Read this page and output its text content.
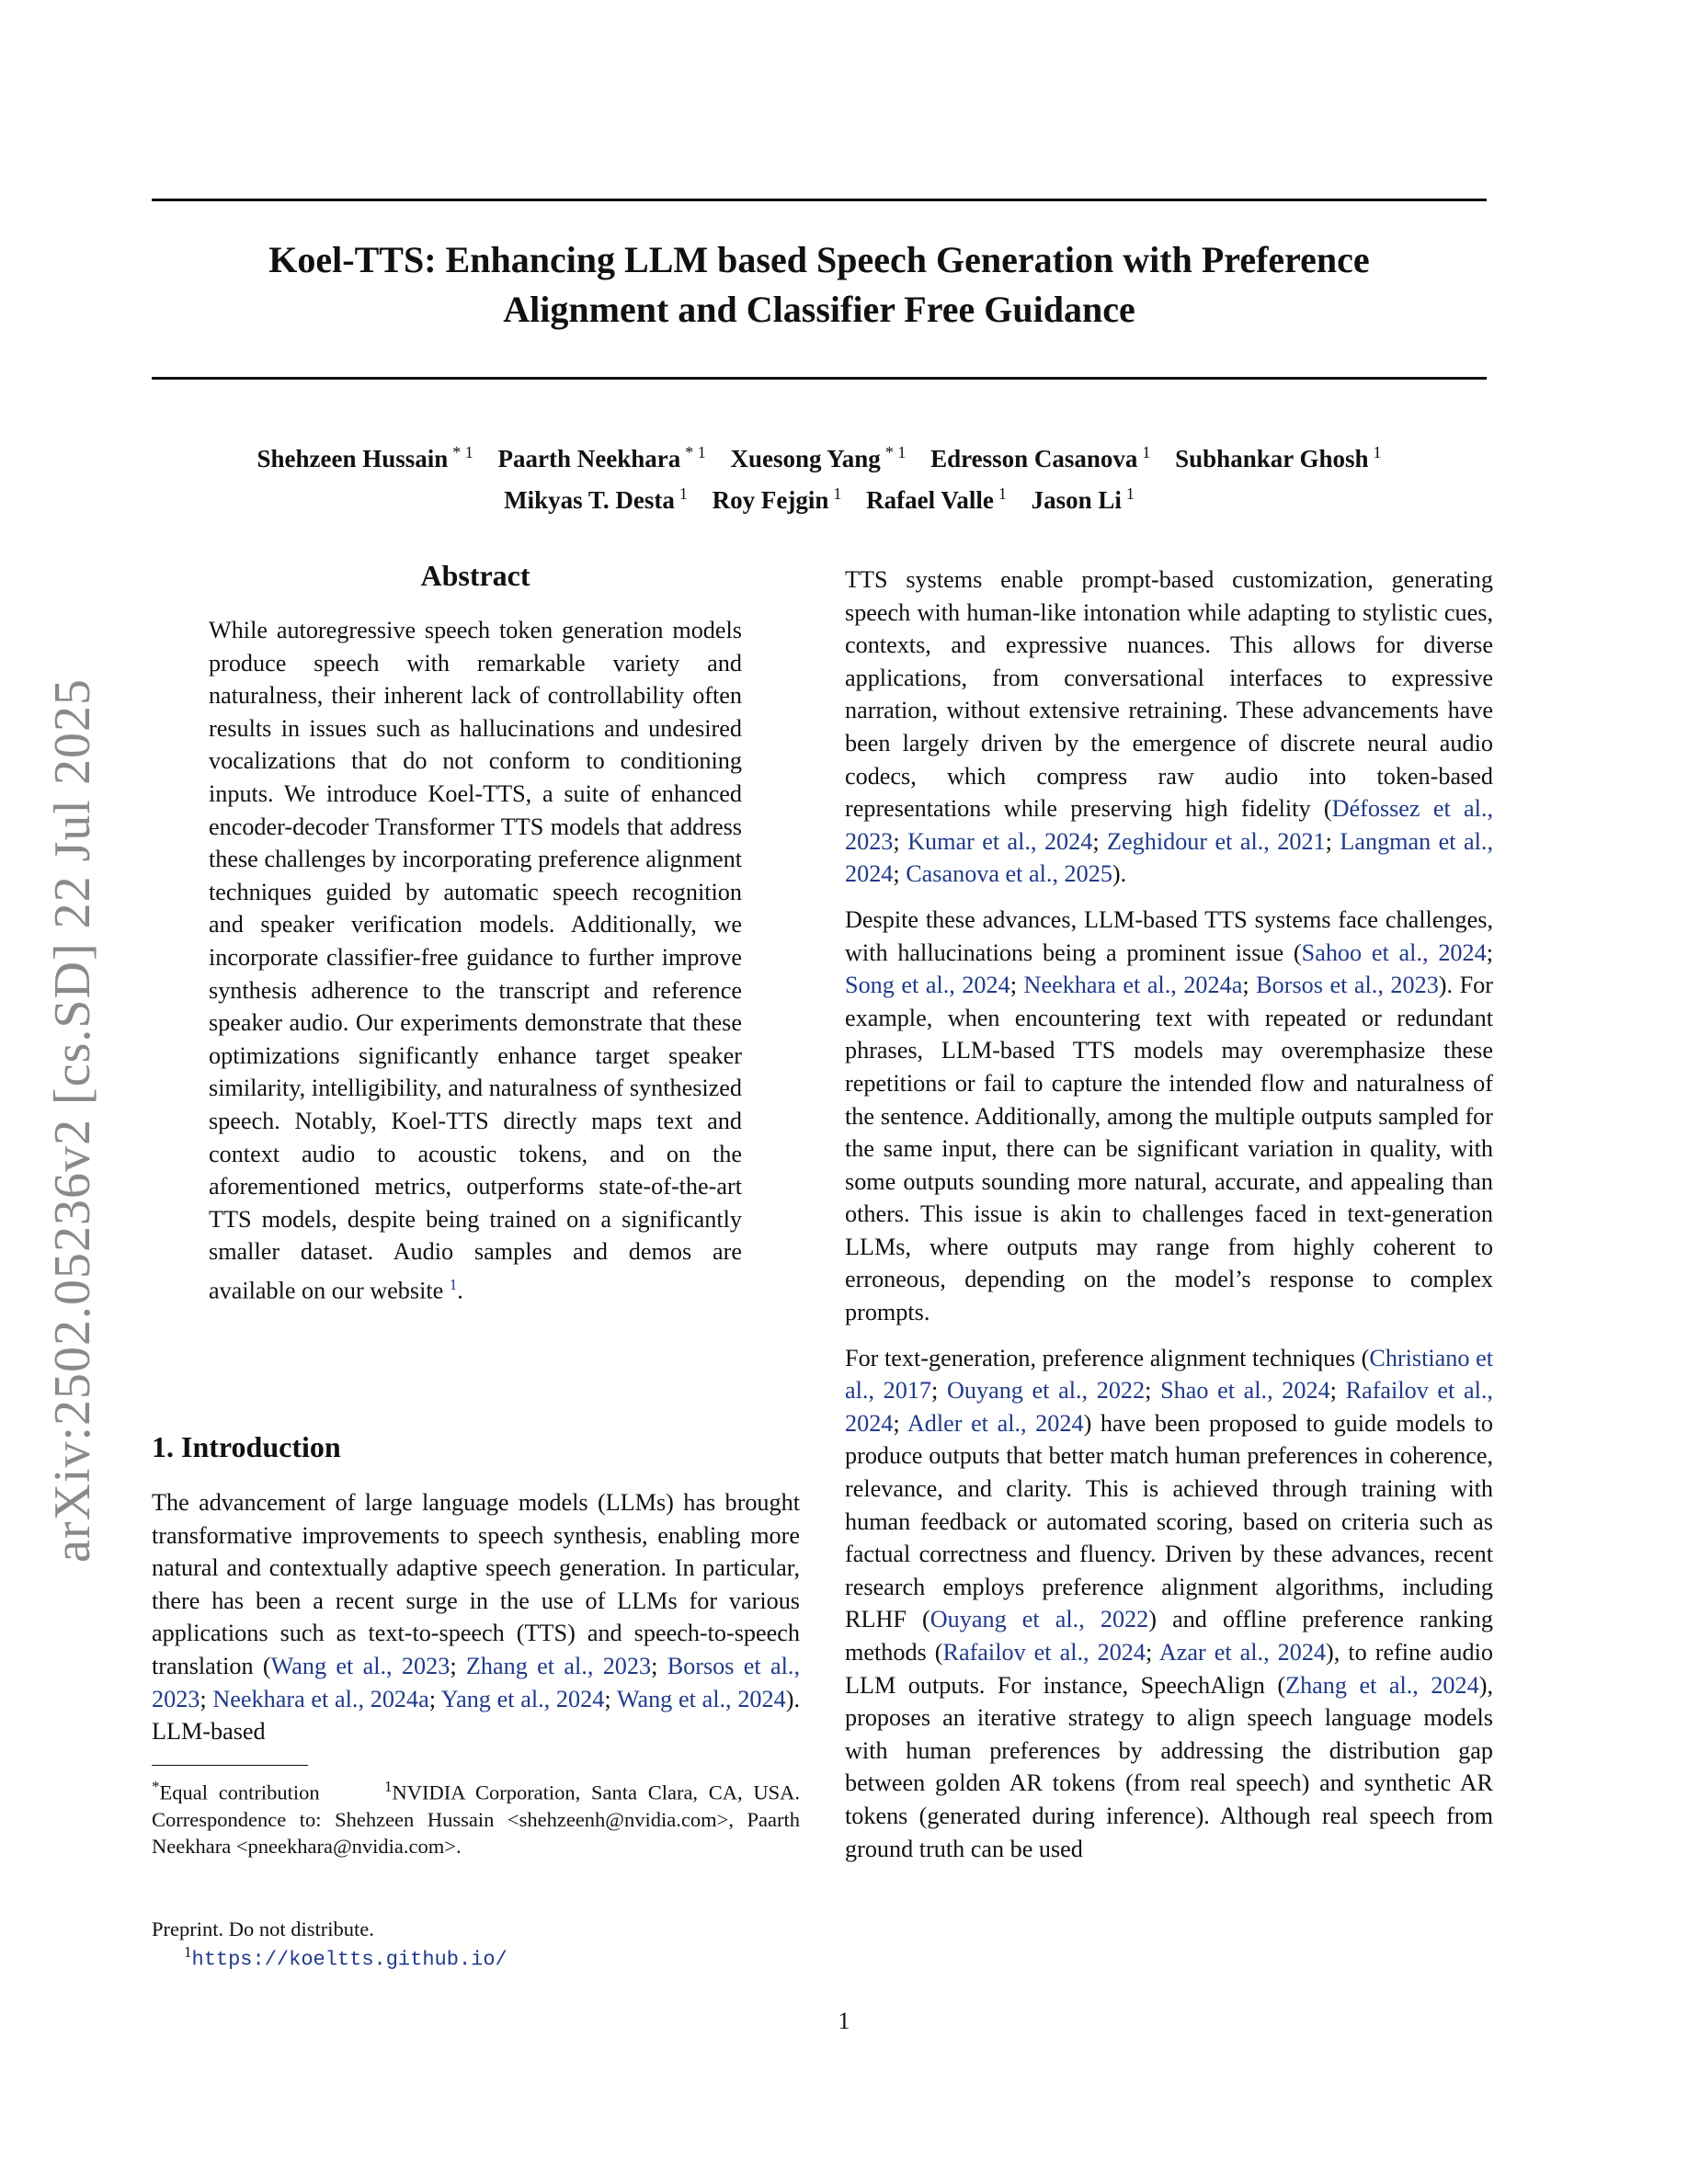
arXiv:2502.05236v2 [cs.SD] 22 Jul 2025
Koel-TTS: Enhancing LLM based Speech Generation with Preference
Alignment and Classifier Free Guidance
Shehzeen Hussain $^{* 1}$ Paarth Neekhara $^{* 1}$ Xuesong Yang $^{* 1}$ Edresson Casanova $^1$ Subhankar Ghosh $^1$
Mikyas T. Desta $^1$ Roy Fejgin $^1$ Rafael Valle $^1$ Jason Li $^1$
Abstract

While autoregressive speech token generation models produce speech with remarkable variety and naturalness, their inherent lack of controllability often results in issues such as hallucinations and undesired vocalizations that do not conform to conditioning inputs. We introduce Koel-TTS, a suite of enhanced encoder-decoder Transformer TTS models that address these challenges by incorporating preference alignment techniques guided by automatic speech recognition and speaker verification models. Additionally, we incorporate classifier-free guidance to further improve synthesis adherence to the transcript and reference speaker audio. Our experiments demonstrate that these optimizations significantly enhance target speaker similarity, intelligibility, and naturalness of synthesized speech. Notably, Koel-TTS directly maps text and context audio to acoustic tokens, and on the aforementioned metrics, outperforms state-of-the-art TTS models, despite being trained on a significantly smaller dataset. Audio samples and demos are available on our website $^1$.

1. Introduction

The advancement of large language models (LLMs) has brought transformative improvements to speech synthesis, enabling more natural and contextually adaptive speech generation. In particular, there has been a recent surge in the use of LLMs for various applications such as text-to-speech (TTS) and speech-to-speech translation (Wang et al., 2023; Zhang et al., 2023; Borsos et al., 2023; Neekhara et al., 2024a; Yang et al., 2024; Wang et al., 2024). LLM-based

*Equal contribution	$^1$NVIDIA Corporation, Santa Clara, CA, USA. Correspondence to: Shehzeen Hussain <shehzeenh@nvidia.com>, Paarth Neekhara <pneekhara@nvidia.com>.

Preprint. Do not distribute.

$^1$https://koeltts.github.io/

TTS systems enable prompt-based customization, generating speech with human-like intonation while adapting to stylistic cues, contexts, and expressive nuances. This allows for diverse applications, from conversational interfaces to expressive narration, without extensive retraining. These advancements have been largely driven by the emergence of discrete neural audio codecs, which compress raw audio into token-based representations while preserving high fidelity (Défossez et al., 2023; Kumar et al., 2024; Zeghidour et al., 2021; Langman et al., 2024; Casanova et al., 2025).

Despite these advances, LLM-based TTS systems face challenges, with hallucinations being a prominent issue (Sahoo et al., 2024; Song et al., 2024; Neekhara et al., 2024a; Borsos et al., 2023). For example, when encountering text with repeated or redundant phrases, LLM-based TTS models may overemphasize these repetitions or fail to capture the intended flow and naturalness of the sentence. Additionally, among the multiple outputs sampled for the same input, there can be significant variation in quality, with some outputs sounding more natural, accurate, and appealing than others. This issue is akin to challenges faced in text-generation LLMs, where outputs may range from highly coherent to erroneous, depending on the model’s response to complex prompts.

For text-generation, preference alignment techniques (Christiano et al., 2017; Ouyang et al., 2022; Shao et al., 2024; Rafailov et al., 2024; Adler et al., 2024) have been proposed to guide models to produce outputs that better match human preferences in coherence, relevance, and clarity. This is achieved through training with human feedback or automated scoring, based on criteria such as factual correctness and fluency. Driven by these advances, recent research employs preference alignment algorithms, including RLHF (Ouyang et al., 2022) and offline preference ranking methods (Rafailov et al., 2024; Azar et al., 2024), to refine audio LLM outputs. For instance, SpeechAlign (Zhang et al., 2024), proposes an iterative strategy to align speech language models with human preferences by addressing the distribution gap between golden AR tokens (from real speech) and synthetic AR tokens (generated during inference). Although real speech from ground truth can be used

1
